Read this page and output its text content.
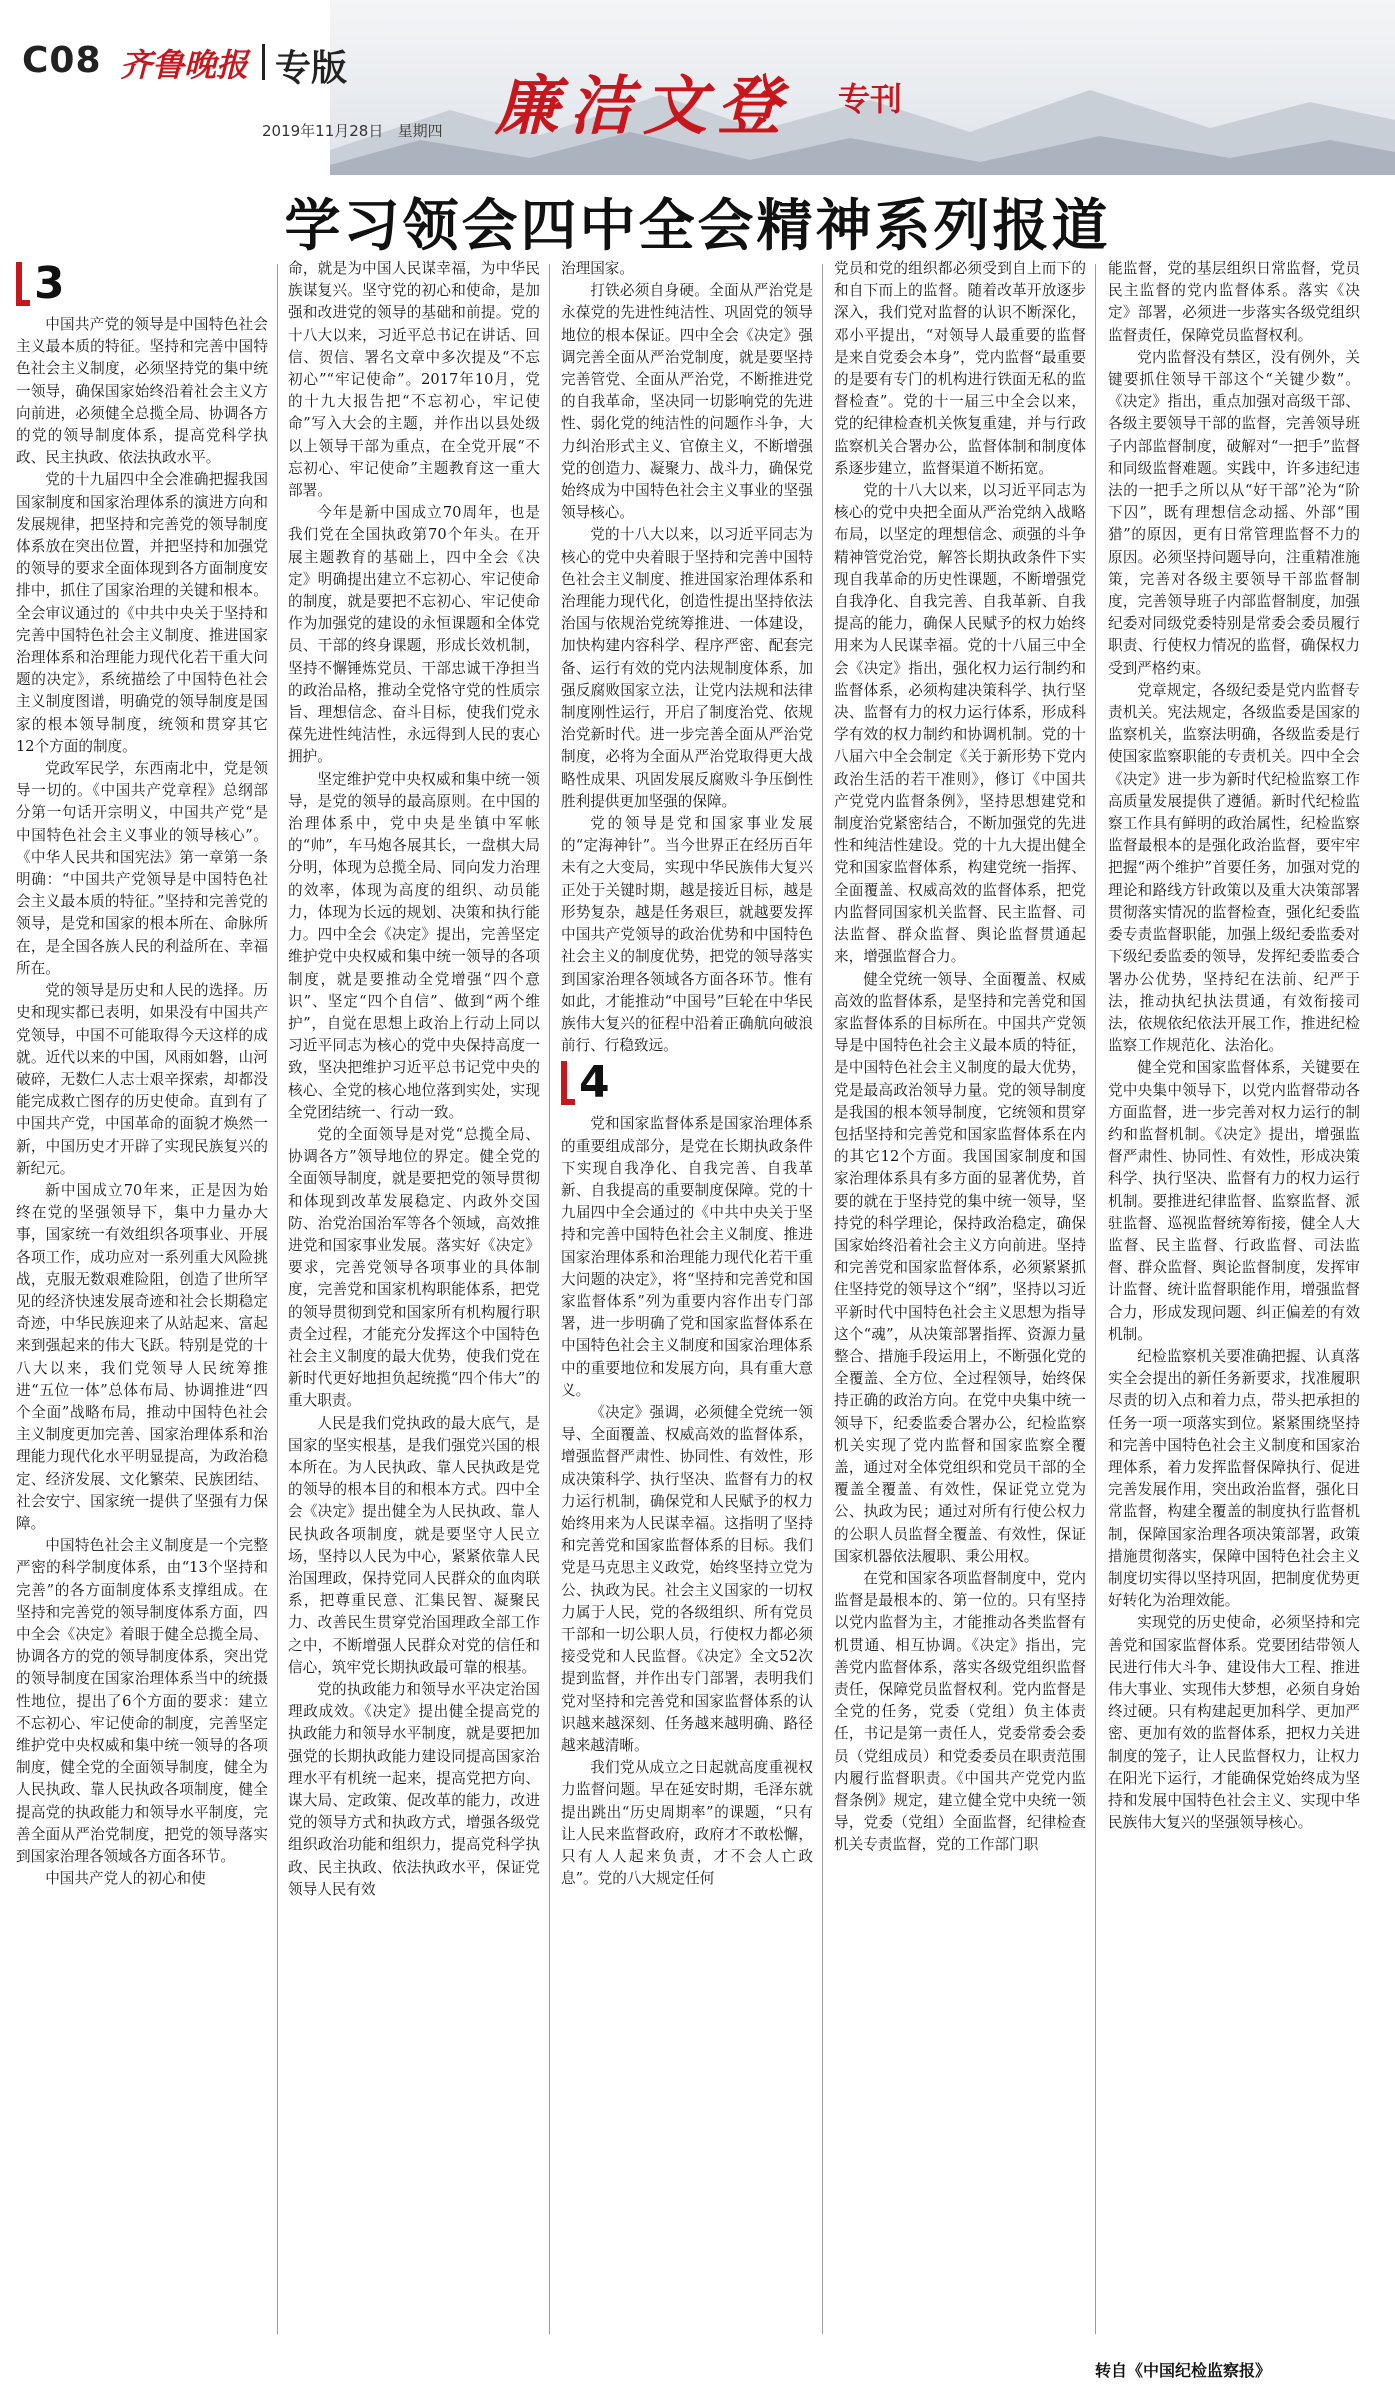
C08 齐鲁晚报 专版
2019年11月28日 星期四 廉洁文登 专刊
学习领会四中全会精神系列报道
3

中国共产党的领导是中国特色社会主义最本质的特征。坚持和完善中国特色社会主义制度，必须坚持党的集中统一领导，确保国家始终沿着社会主义方向前进，必须健全总揽全局、协调各方的党的领导制度体系，提高党科学执政、民主执政、依法执政水平。

党的十九届四中全会准确把握我国国家制度和国家治理体系的演进方向和发展规律，把坚持和完善党的领导制度体系放在突出位置，并把坚持和加强党的领导的要求全面体现到各方面制度安排中，抓住了国家治理的关键和根本。全会审议通过的《中共中央关于坚持和完善中国特色社会主义制度、推进国家治理体系和治理能力现代化若干重大问题的决定》，系统描绘了中国特色社会主义制度图谱，明确党的领导制度是国家的根本领导制度，统领和贯穿其它12个方面的制度。

党政军民学，东西南北中，党是领导一切的。《中国共产党章程》总纲部分第一句话开宗明义，中国共产党“是中国特色社会主义事业的领导核心”。《中华人民共和国宪法》第一章第一条明确：“中国共产党领导是中国特色社会主义最本质的特征。”坚持和完善党的领导，是党和国家的根本所在、命脉所在，是全国各族人民的利益所在、幸福所在。

党的领导是历史和人民的选择。历史和现实都已表明，如果没有中国共产党领导，中国不可能取得今天这样的成就。近代以来的中国，风雨如磐，山河破碎，无数仁人志士艰辛探索，却都没能完成救亡图存的历史使命。直到有了中国共产党，中国革命的面貌才焕然一新，中国历史才开辟了实现民族复兴的新纪元。

新中国成立70年来，正是因为始终在党的坚强领导下，集中力量办大事，国家统一有效组织各项事业、开展各项工作，成功应对一系列重大风险挑战，克服无数艰难险阻，创造了世所罕见的经济快速发展奇迹和社会长期稳定奇迹，中华民族迎来了从站起来、富起来到强起来的伟大飞跃。特别是党的十八大以来，我们党领导人民统筹推进“五位一体”总体布局、协调推进“四个全面”战略布局，推动中国特色社会主义制度更加完善、国家治理体系和治理能力现代化水平明显提高，为政治稳定、经济发展、文化繁荣、民族团结、社会安宁、国家统一提供了坚强有力保障。

中国特色社会主义制度是一个完整严密的科学制度体系，由“13个坚持和完善”的各方面制度体系支撑组成。在坚持和完善党的领导制度体系方面，四中全会《决定》着眼于健全总揽全局、协调各方的党的领导制度体系，突出党的领导制度在国家治理体系当中的统摄性地位，提出了6个方面的要求：建立不忘初心、牢记使命的制度，完善坚定维护党中央权威和集中统一领导的各项制度，健全党的全面领导制度，健全为人民执政、靠人民执政各项制度，健全提高党的执政能力和领导水平制度，完善全面从严治党制度，把党的领导落实到国家治理各领域各方面各环节。

中国共产党人的初心和使

命，就是为中国人民谋幸福，为中华民族谋复兴。坚守党的初心和使命，是加强和改进党的领导的基础和前提。党的十八大以来，习近平总书记在讲话、回信、贺信、署名文章中多次提及“不忘初心”“牢记使命”。2017年10月，党的十九大报告把“不忘初心，牢记使命”写入大会的主题，并作出以县处级以上领导干部为重点，在全党开展“不忘初心、牢记使命”主题教育这一重大部署。

今年是新中国成立70周年，也是我们党在全国执政第70个年头。在开展主题教育的基础上，四中全会《决定》明确提出建立不忘初心、牢记使命的制度，就是要把不忘初心、牢记使命作为加强党的建设的永恒课题和全体党员、干部的终身课题，形成长效机制，坚持不懈锤炼党员、干部忠诚干净担当的政治品格，推动全党恪守党的性质宗旨、理想信念、奋斗目标，使我们党永葆先进性纯洁性，永远得到人民的衷心拥护。

坚定维护党中央权威和集中统一领导，是党的领导的最高原则。在中国的治理体系中，党中央是坐镇中军帐的“帅”，车马炮各展其长，一盘棋大局分明，体现为总揽全局、同向发力治理的效率，体现为高度的组织、动员能力，体现为长远的规划、决策和执行能力。四中全会《决定》提出，完善坚定维护党中央权威和集中统一领导的各项制度，就是要推动全党增强“四个意识”、坚定“四个自信”、做到“两个维护”，自觉在思想上政治上行动上同以习近平同志为核心的党中央保持高度一致，坚决把维护习近平总书记党中央的核心、全党的核心地位落到实处，实现全党团结统一、行动一致。

党的全面领导是对党“总揽全局、协调各方”领导地位的界定。健全党的全面领导制度，就是要把党的领导贯彻和体现到改革发展稳定、内政外交国防、治党治国治军等各个领域，高效推进党和国家事业发展。落实好《决定》要求，完善党领导各项事业的具体制度，完善党和国家机构职能体系，把党的领导贯彻到党和国家所有机构履行职责全过程，才能充分发挥这个中国特色社会主义制度的最大优势，使我们党在新时代更好地担负起统揽“四个伟大”的重大职责。

人民是我们党执政的最大底气，是国家的坚实根基，是我们强党兴国的根本所在。为人民执政、靠人民执政是党的领导的根本目的和根本方式。四中全会《决定》提出健全为人民执政、靠人民执政各项制度，就是要坚守人民立场，坚持以人民为中心，紧紧依靠人民治国理政，保持党同人民群众的血肉联系，把尊重民意、汇集民智、凝聚民力、改善民生贯穿党治国理政全部工作之中，不断增强人民群众对党的信任和信心，筑牢党长期执政最可靠的根基。

党的执政能力和领导水平决定治国理政成效。《决定》提出健全提高党的执政能力和领导水平制度，就是要把加强党的长期执政能力建设同提高国家治理水平有机统一起来，提高党把方向、谋大局、定政策、促改革的能力，改进党的领导方式和执政方式，增强各级党组织政治功能和组织力，提高党科学执政、民主执政、依法执政水平，保证党领导人民有效

治理国家。

打铁必须自身硬。全面从严治党是永葆党的先进性纯洁性、巩固党的领导地位的根本保证。四中全会《决定》强调完善全面从严治党制度，就是要坚持完善管党、全面从严治党，不断推进党的自我革命，坚决同一切影响党的先进性、弱化党的纯洁性的问题作斗争，大力纠治形式主义、官僚主义，不断增强党的创造力、凝聚力、战斗力，确保党始终成为中国特色社会主义事业的坚强领导核心。

党的十八大以来，以习近平同志为核心的党中央着眼于坚持和完善中国特色社会主义制度、推进国家治理体系和治理能力现代化，创造性提出坚持依法治国与依规治党统筹推进、一体建设，加快构建内容科学、程序严密、配套完备、运行有效的党内法规制度体系，加强反腐败国家立法，让党内法规和法律制度刚性运行，开启了制度治党、依规治党新时代。进一步完善全面从严治党制度，必将为全面从严治党取得更大战略性成果、巩固发展反腐败斗争压倒性胜利提供更加坚强的保障。

党的领导是党和国家事业发展的“定海神针”。当今世界正在经历百年未有之大变局，实现中华民族伟大复兴正处于关键时期，越是接近目标，越是形势复杂，越是任务艰巨，就越要发挥中国共产党领导的政治优势和中国特色社会主义的制度优势，把党的领导落实到国家治理各领域各方面各环节。惟有如此，才能推动“中国号”巨轮在中华民族伟大复兴的征程中沿着正确航向破浪前行、行稳致远。

4

党和国家监督体系是国家治理体系的重要组成部分，是党在长期执政条件下实现自我净化、自我完善、自我革新、自我提高的重要制度保障。党的十九届四中全会通过的《中共中央关于坚持和完善中国特色社会主义制度、推进国家治理体系和治理能力现代化若干重大问题的决定》，将“坚持和完善党和国家监督体系”列为重要内容作出专门部署，进一步明确了党和国家监督体系在中国特色社会主义制度和国家治理体系中的重要地位和发展方向，具有重大意义。

《决定》强调，必须健全党统一领导、全面覆盖、权威高效的监督体系，增强监督严肃性、协同性、有效性，形成决策科学、执行坚决、监督有力的权力运行机制，确保党和人民赋予的权力始终用来为人民谋幸福。这指明了坚持和完善党和国家监督体系的目标。我们党是马克思主义政党，始终坚持立党为公、执政为民。社会主义国家的一切权力属于人民，党的各级组织、所有党员干部和一切公职人员，行使权力都必须接受党和人民监督。《决定》全文52次提到监督，并作出专门部署，表明我们党对坚持和完善党和国家监督体系的认识越来越深刻、任务越来越明确、路径越来越清晰。

我们党从成立之日起就高度重视权力监督问题。早在延安时期，毛泽东就提出跳出“历史周期率”的课题，“只有让人民来监督政府，政府才不敢松懈，只有人人起来负责，才不会人亡政息”。党的八大规定任何

党员和党的组织都必须受到自上而下的和自下而上的监督。随着改革开放逐步深入，我们党对监督的认识不断深化，邓小平提出，“对领导人最重要的监督是来自党委会本身”，党内监督“最重要的是要有专门的机构进行铁面无私的监督检查”。党的十一届三中全会以来，党的纪律检查机关恢复重建，并与行政监察机关合署办公，监督体制和制度体系逐步建立，监督渠道不断拓宽。

党的十八大以来，以习近平同志为核心的党中央把全面从严治党纳入战略布局，以坚定的理想信念、顽强的斗争精神管党治党，解答长期执政条件下实现自我革命的历史性课题，不断增强党自我净化、自我完善、自我革新、自我提高的能力，确保人民赋予的权力始终用来为人民谋幸福。党的十八届三中全会《决定》指出，强化权力运行制约和监督体系，必须构建决策科学、执行坚决、监督有力的权力运行体系，形成科学有效的权力制约和协调机制。党的十八届六中全会制定《关于新形势下党内政治生活的若干准则》，修订《中国共产党党内监督条例》，坚持思想建党和制度治党紧密结合，不断加强党的先进性和纯洁性建设。党的十九大提出健全党和国家监督体系，构建党统一指挥、全面覆盖、权威高效的监督体系，把党内监督同国家机关监督、民主监督、司法监督、群众监督、舆论监督贯通起来，增强监督合力。

健全党统一领导、全面覆盖、权威高效的监督体系，是坚持和完善党和国家监督体系的目标所在。中国共产党领导是中国特色社会主义最本质的特征，是中国特色社会主义制度的最大优势，党是最高政治领导力量。党的领导制度是我国的根本领导制度，它统领和贯穿包括坚持和完善党和国家监督体系在内的其它12个方面。我国国家制度和国家治理体系具有多方面的显著优势，首要的就在于坚持党的集中统一领导，坚持党的科学理论，保持政治稳定，确保国家始终沿着社会主义方向前进。坚持和完善党和国家监督体系，必须紧紧抓住坚持党的领导这个“纲”，坚持以习近平新时代中国特色社会主义思想为指导这个“魂”，从决策部署指挥、资源力量整合、措施手段运用上，不断强化党的全覆盖、全方位、全过程领导，始终保持正确的政治方向。在党中央集中统一领导下，纪委监委合署办公，纪检监察机关实现了党内监督和国家监察全覆盖，通过对全体党组织和党员干部的全覆盖全覆盖、有效性，保证党立党为公、执政为民；通过对所有行使公权力的公职人员监督全覆盖、有效性，保证国家机器依法履职、秉公用权。

在党和国家各项监督制度中，党内监督是最根本的、第一位的。只有坚持以党内监督为主，才能推动各类监督有机贯通、相互协调。《决定》指出，完善党内监督体系，落实各级党组织监督责任，保障党员监督权利。党内监督是全党的任务，党委（党组）负主体责任，书记是第一责任人，党委常委会委员（党组成员）和党委委员在职责范围内履行监督职责。《中国共产党党内监督条例》规定，建立健全党中央统一领导，党委（党组）全面监督，纪律检查机关专责监督，党的工作部门职

能监督，党的基层组织日常监督，党员民主监督的党内监督体系。落实《决定》部署，必须进一步落实各级党组织监督责任，保障党员监督权利。

党内监督没有禁区，没有例外，关键要抓住领导干部这个“关键少数”。《决定》指出，重点加强对高级干部、各级主要领导干部的监督，完善领导班子内部监督制度，破解对“一把手”监督和同级监督难题。实践中，许多违纪违法的一把手之所以从“好干部”沦为“阶下囚”，既有理想信念动摇、外部“围猎”的原因，更有日常管理监督不力的原因。必须坚持问题导向，注重精准施策，完善对各级主要领导干部监督制度，完善领导班子内部监督制度，加强纪委对同级党委特别是常委会委员履行职责、行使权力情况的监督，确保权力受到严格约束。

党章规定，各级纪委是党内监督专责机关。宪法规定，各级监委是国家的监察机关，监察法明确，各级监委是行使国家监察职能的专责机关。四中全会《决定》进一步为新时代纪检监察工作高质量发展提供了遵循。新时代纪检监察工作具有鲜明的政治属性，纪检监察监督最根本的是强化政治监督，要牢牢把握“两个维护”首要任务，加强对党的理论和路线方针政策以及重大决策部署贯彻落实情况的监督检查，强化纪委监委专责监督职能，加强上级纪委监委对下级纪委监委的领导，发挥纪委监委合署办公优势，坚持纪在法前、纪严于法，推动执纪执法贯通，有效衔接司法，依规依纪依法开展工作，推进纪检监察工作规范化、法治化。

健全党和国家监督体系，关键要在党中央集中领导下，以党内监督带动各方面监督，进一步完善对权力运行的制约和监督机制。《决定》提出，增强监督严肃性、协同性、有效性，形成决策科学、执行坚决、监督有力的权力运行机制。要推进纪律监督、监察监督、派驻监督、巡视监督统筹衔接，健全人大监督、民主监督、行政监督、司法监督、群众监督、舆论监督制度，发挥审计监督、统计监督职能作用，增强监督合力，形成发现问题、纠正偏差的有效机制。

纪检监察机关要准确把握、认真落实全会提出的新任务新要求，找准履职尽责的切入点和着力点，带头把承担的任务一项一项落实到位。紧紧围绕坚持和完善中国特色社会主义制度和国家治理体系，着力发挥监督保障执行、促进完善发展作用，突出政治监督，强化日常监督，构建全覆盖的制度执行监督机制，保障国家治理各项决策部署，政策措施贯彻落实，保障中国特色社会主义制度切实得以坚持巩固，把制度优势更好转化为治理效能。

实现党的历史使命，必须坚持和完善党和国家监督体系。党要团结带领人民进行伟大斗争、建设伟大工程、推进伟大事业、实现伟大梦想，必须自身始终过硬。只有构建起更加科学、更加严密、更加有效的监督体系，把权力关进制度的笼子，让人民监督权力，让权力在阳光下运行，才能确保党始终成为坚持和发展中国特色社会主义、实现中华民族伟大复兴的坚强领导核心。

转自《中国纪检监察报》
